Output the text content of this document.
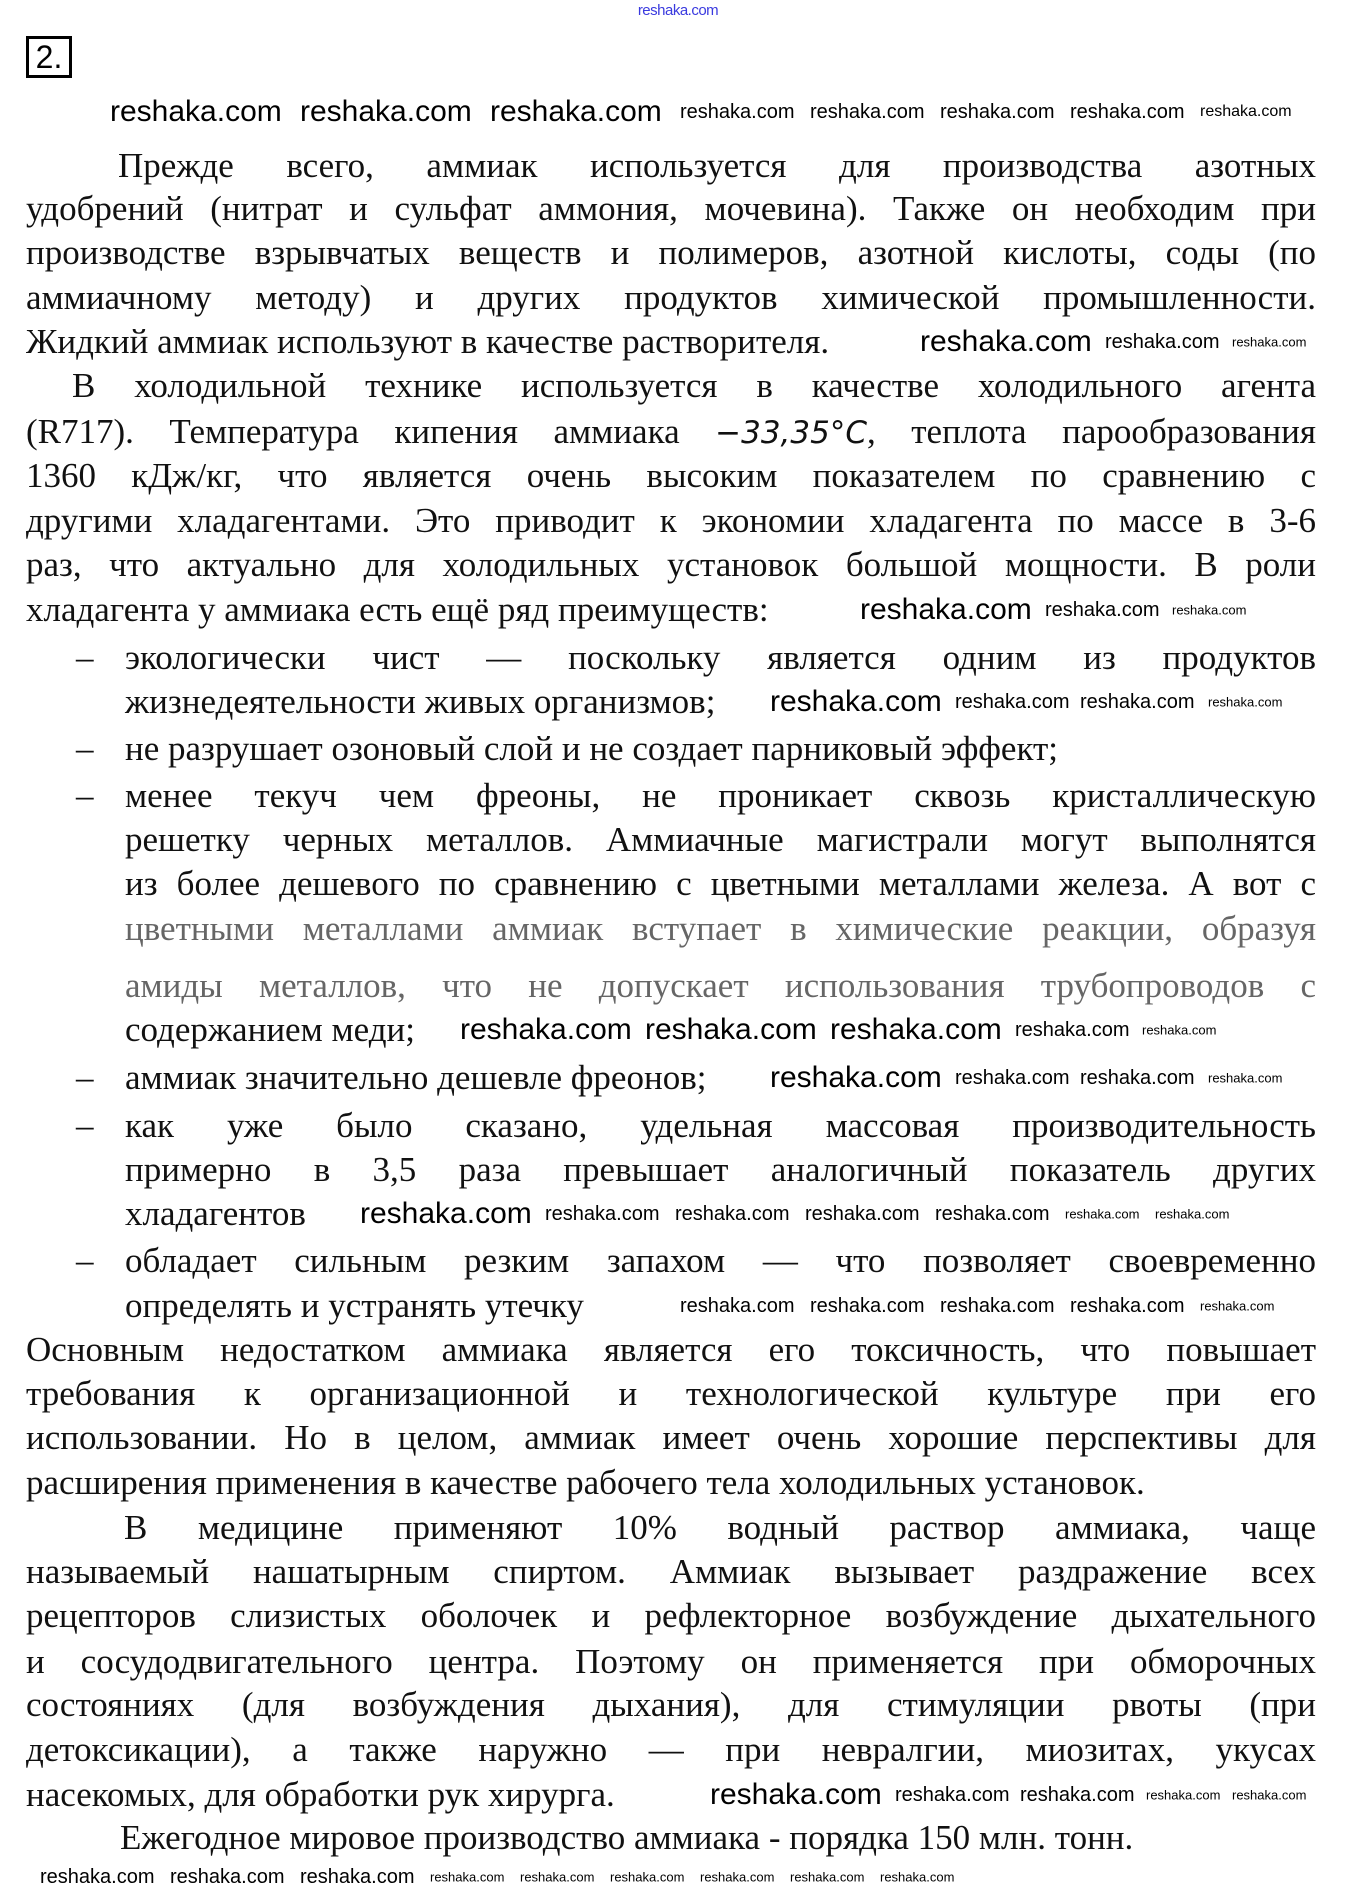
reshaka.com
2.
Прежде всего, аммиак используется для производства азотных
удобрений (нитрат и сульфат аммония, мочевина). Также он необходим при
производстве взрывчатых веществ и полимеров, азотной кислоты, соды (по
аммиачному методу) и других продуктов химической промышленности.
Жидкий аммиак используют в качестве растворителя.
В холодильной технике используется в качестве холодильного агента
(R717). Температура кипения аммиака −33,35°C, теплота парообразования
1360 кДж/кг, что является очень высоким показателем по сравнению с
другими хладагентами. Это приводит к экономии хладагента по массе в 3-6
раз, что актуально для холодильных установок большой мощности. В роли
хладагента у аммиака есть ещё ряд преимуществ:
экологически чист — поскольку является одним из продуктов
–
жизнедеятельности живых организмов;
не разрушает озоновый слой и не создает парниковый эффект;
–
менее текуч чем фреоны, не проникает сквозь кристаллическую
–
решетку черных металлов. Аммиачные магистрали могут выполнятся
из более дешевого по сравнению с цветными металлами железа. А вот с
цветными металлами аммиак вступает в химические реакции, образуя
амиды металлов, что не допускает использования трубопроводов с
содержанием меди;
аммиак значительно дешевле фреонов;
–
как уже было сказано, удельная массовая производительность
–
примерно в 3,5 раза превышает аналогичный показатель других
хладагентов
обладает сильным резким запахом — что позволяет своевременно
–
определять и устранять утечку
Основным недостатком аммиака является его токсичность, что повышает
требования к организационной и технологической культуре при его
использовании. Но в целом, аммиак имеет очень хорошие перспективы для
расширения применения в качестве рабочего тела холодильных установок.
В медицине применяют 10% водный раствор аммиака, чаще
называемый нашатырным спиртом. Аммиак вызывает раздражение всех
рецепторов слизистых оболочек и рефлекторное возбуждение дыхательного
и сосудодвигательного центра. Поэтому он применяется при обморочных
состояниях (для возбуждения дыхания), для стимуляции рвоты (при
детоксикации), а также наружно — при невралгии, миозитах, укусах
насекомых, для обработки рук хирурга.
Ежегодное мировое производство аммиака - порядка 150 млн. тонн.
reshaka.com reshaka.com reshaka.com reshaka.com reshaka.com reshaka.com reshaka.com reshaka.com
reshaka.com reshaka.com reshaka.com
reshaka.com reshaka.com reshaka.com
reshaka.com reshaka.com reshaka.com reshaka.com
reshaka.com reshaka.com reshaka.com reshaka.com reshaka.com
reshaka.com reshaka.com reshaka.com reshaka.com
reshaka.com reshaka.com reshaka.com reshaka.com reshaka.com reshaka.com reshaka.com
reshaka.com reshaka.com reshaka.com reshaka.com reshaka.com
reshaka.com reshaka.com reshaka.com reshaka.com reshaka.com
reshaka.com reshaka.com reshaka.com reshaka.com reshaka.com reshaka.com reshaka.com reshaka.com reshaka.com
